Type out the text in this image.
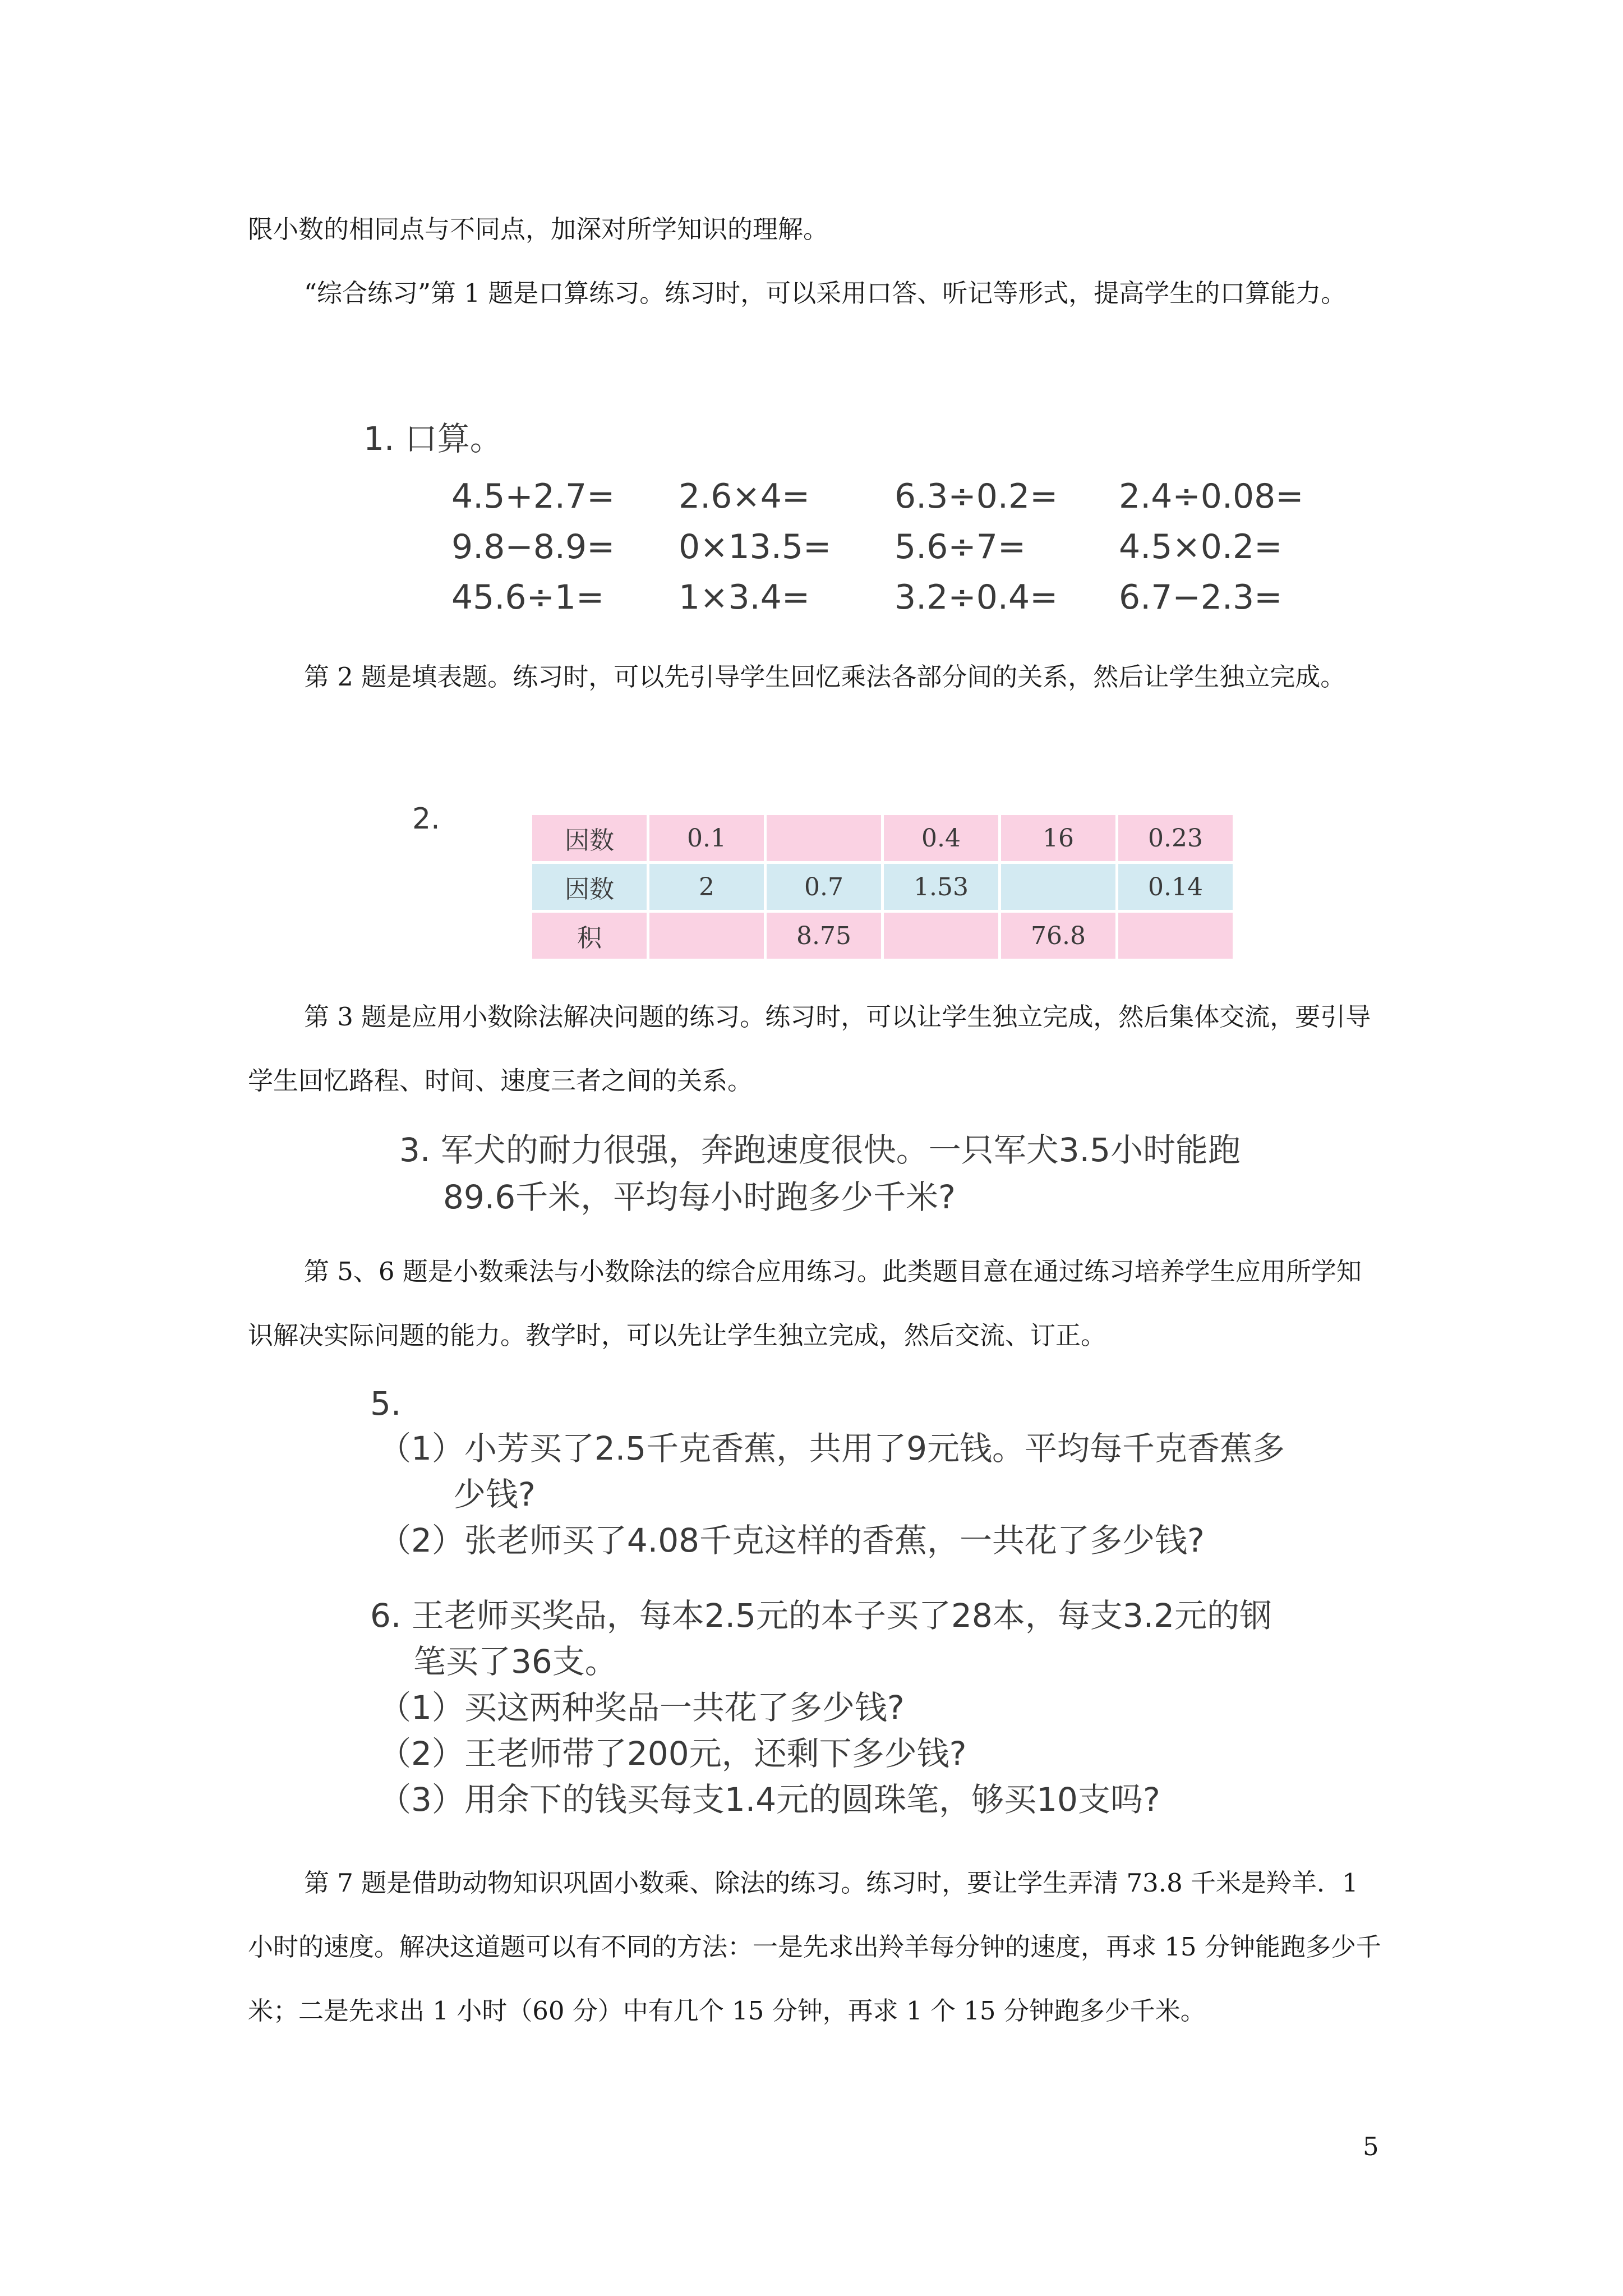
限小数的相同点与不同点，加深对所学知识的理解。

“综合练习”第 1 题是口算练习。练习时，可以采用口答、听记等形式，提高学生的口算能力。

1. 口算。

4.5+2.7= 2.6×4=	6.3÷0.2= 2.4÷0.08=
9.8−8.9= 0×13.5= 5.6÷7=	4.5×0.2=
45.6÷1= 1×3.4=	3.2÷0.4= 6.7−2.3=

第 2 题是填表题。练习时，可以先引导学生回忆乘法各部分间的关系，然后让学生独立完成。

2.

因数	0.1		0.4	16	0.23
因数	2	0.7	1.53		0.14
积		8.75		76.8	

第 3 题是应用小数除法解决问题的练习。练习时，可以让学生独立完成，然后集体交流，要引导学生回忆路程、时间、速度三者之间的关系。

3. 军犬的耐力很强，奔跑速度很快。一只军犬3.5小时能跑

89.6千米，平均每小时跑多少千米?

第 5、6 题是小数乘法与小数除法的综合应用练习。此类题目意在通过练习培养学生应用所学知识解决实际问题的能力。教学时，可以先让学生独立完成，然后交流、订正。

5.

（1）小芳买了2.5千克香蕉，共用了9元钱。平均每千克香蕉多

少钱?

（2）张老师买了4.08千克这样的香蕉，一共花了多少钱?

6. 王老师买奖品，每本2.5元的本子买了28本，每支3.2元的钢

笔买了36支。

（1）买这两种奖品一共花了多少钱?

（2）王老师带了200元，还剩下多少钱?

（3）用余下的钱买每支1.4元的圆珠笔，够买10支吗?

第 7 题是借助动物知识巩固小数乘、除法的练习。练习时，要让学生弄清 73.8 千米是羚羊．1 小时的速度。解决这道题可以有不同的方法：一是先求出羚羊每分钟的速度，再求 15 分钟能跑多少千米；二是先求出 1 小时（60 分）中有几个 15 分钟，再求 1 个 15 分钟跑多少千米。

5
